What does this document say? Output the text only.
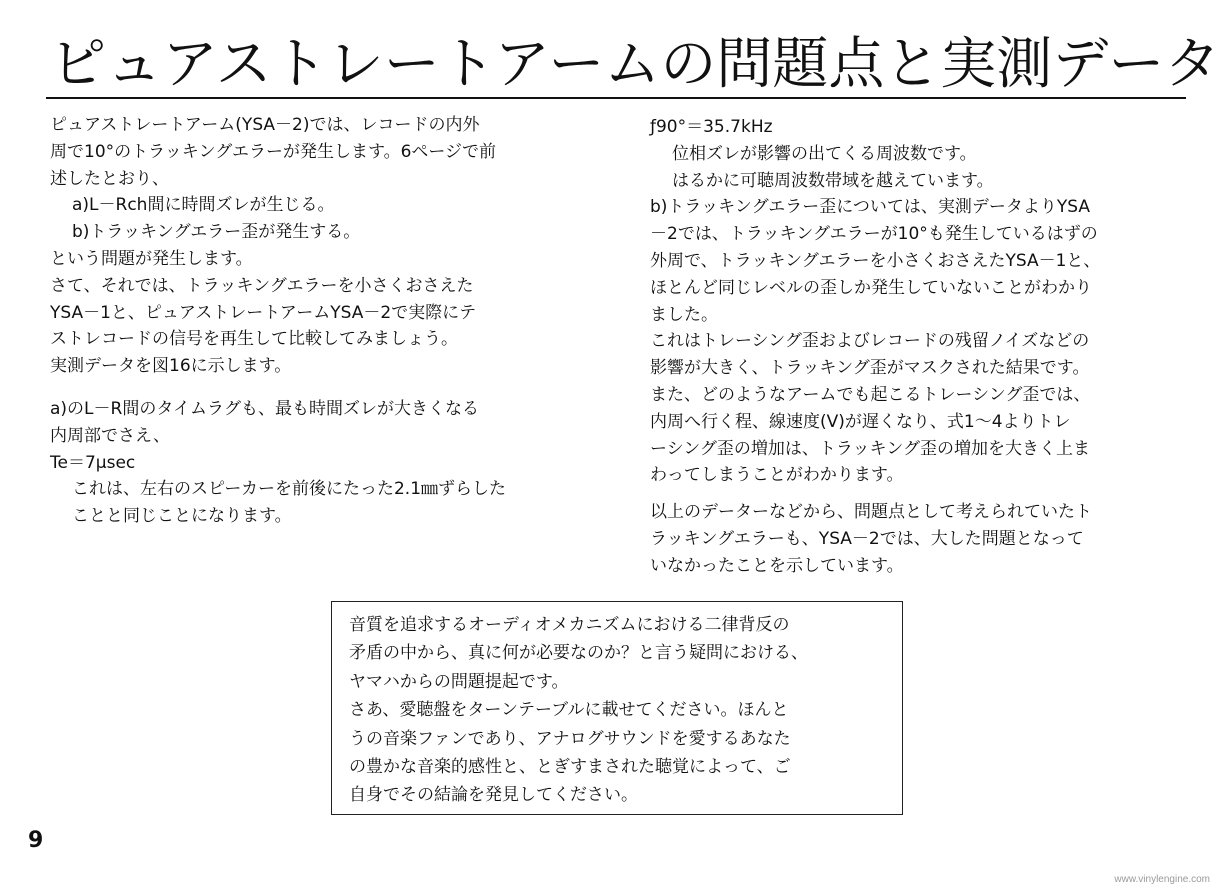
ピュアストレートアームの問題点と実測データ

ピュアストレートアーム(YSA－2)では、レコードの内外

周で10°のトラッキングエラーが発生します。6ページで前

述したとおり、

a)L－Rch間に時間ズレが生じる。

b)トラッキングエラー歪が発生する。

という問題が発生します。

さて、それでは、トラッキングエラーを小さくおさえた

YSA－1と、ピュアストレートアームYSA－2で実際にテ

ストレコードの信号を再生して比較してみましょう。

実測データを図16に示します。

a)のL－R間のタイムラグも、最も時間ズレが大きくなる

内周部でさえ、

Te＝7μsec

これは、左右のスピーカーを前後にたった2.1㎜ずらした

ことと同じことになります。

ƒ90°＝35.7kHz

位相ズレが影響の出てくる周波数です。

はるかに可聴周波数帯域を越えています。

b)トラッキングエラー歪については、実測データよりYSA

－2では、トラッキングエラーが10°も発生しているはずの

外周で、トラッキングエラーを小さくおさえたYSA－1と、

ほとんど同じレベルの歪しか発生していないことがわかり

ました。

これはトレーシング歪およびレコードの残留ノイズなどの

影響が大きく、トラッキング歪がマスクされた結果です。

また、どのようなアームでも起こるトレーシング歪では、

内周へ行く程、線速度(V)が遅くなり、式1～4よりトレ

ーシング歪の増加は、トラッキング歪の増加を大きく上ま

わってしまうことがわかります。

以上のデーターなどから、問題点として考えられていたト

ラッキングエラーも、YSA－2では、大した問題となって

いなかったことを示しています。

音質を追求するオーディオメカニズムにおける二律背反の

矛盾の中から、真に何が必要なのか？と言う疑問における、

ヤマハからの問題提起です。

さあ、愛聴盤をターンテーブルに載せてください。ほんと

うの音楽ファンであり、アナログサウンドを愛するあなた

の豊かな音楽的感性と、とぎすまされた聴覚によって、ご

自身でその結論を発見してください。

9
www.vinylengine.com
